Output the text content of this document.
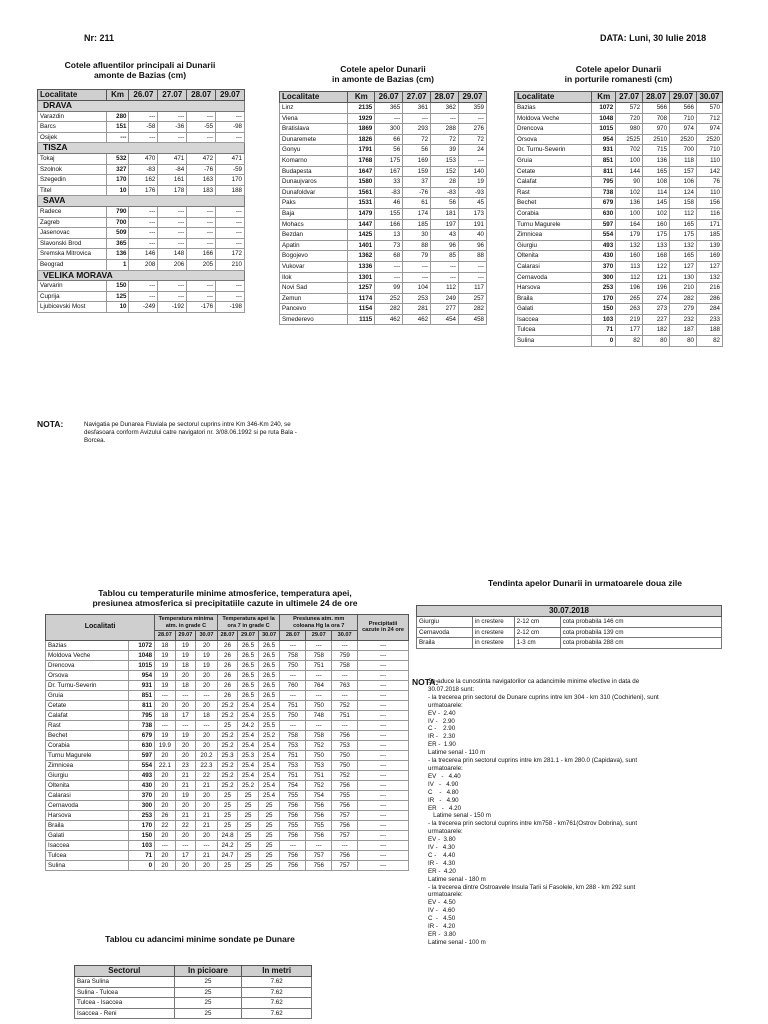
Nr: 211	DATA: Luni, 30 Iulie 2018
Cotele afluentilor principali ai Dunarii
amonte de Bazias (cm)
Cotele apelor Dunarii
in amonte de Bazias (cm)
Cotele apelor Dunarii
in porturile romanesti (cm)
Localitate	Km	26.07	27.07	28.07	29.07
DRAVA					
Varazdin	280	---	---	---	---
Barcs	151	-58	-36	-55	-98
Osijek	---	---	---	---	---
TISZA					
Tokaj	532	470	471	472	471
Szolnok	327	-83	-84	-76	-59
Szegedin	170	162	161	163	170
Titel	10	176	178	183	188
SAVA					
Radece	790	---	---	---	---
Zagreb	700	---	---	---	---
Jasenovac	509	---	---	---	---
Slavonski Brod	365	---	---	---	---
Sremska Mitrovica	136	146	148	166	172
Beograd	1	208	206	205	210
VELIKA MORAVA					
Varvarin	150	---	---	---	---
Cuprija	125	---	---	---	---
Ljubicevski Most	10	-249	-192	-176	-198
Localitate	Km	26.07	27.07	28.07	29.07
Linz	2135	365	361	362	359
Viena	1929	---	---	---	---
Bratislava	1869	300	293	288	276
Dunaremete	1826	66	72	72	72
Gonyu	1791	56	56	39	24
Komarno	1768	175	169	153	---
Budapesta	1647	167	159	152	140
Dunaujvaros	1580	33	37	28	19
Dunafoldvar	1561	-83	-76	-83	-93
Paks	1531	46	61	56	45
Baja	1479	155	174	181	173
Mohacs	1447	166	185	197	191
Bezdan	1425	13	30	43	40
Apatin	1401	73	88	96	96
Bogojevo	1362	68	79	85	88
Vukovar	1336	---	---	---	---
Ilok	1301	---	---	---	---
Novi Sad	1257	99	104	112	117
Zemun	1174	252	253	249	257
Pancevo	1154	282	281	277	282
Smederevo	1115	462	462	454	458
Localitate	Km	27.07	28.07	29.07	30.07
Bazias	1072	572	566	566	570
Moldova Veche	1048	720	708	710	712
Drencova	1015	980	970	974	974
Orsova	954	2525	2510	2520	2520
Dr. Turnu-Severin	931	702	715	700	710
Gruia	851	100	136	118	110
Cetate	811	144	165	157	142
Calafat	795	90	108	106	76
Rast	738	102	114	124	110
Bechet	679	136	145	158	156
Corabia	630	100	102	112	116
Turnu Magurele	597	164	160	165	171
Zimnicea	554	179	175	175	185
Giurgiu	493	132	133	132	139
Oltenita	430	160	168	165	169
Calarasi	370	113	122	127	127
Cernavoda	300	112	121	130	132
Harsova	253	196	196	210	216
Braila	170	265	274	282	286
Galati	150	263	273	279	284
Isaccea	103	219	227	232	233
Tulcea	71	177	182	187	188
Sulina	0	82	80	80	82
NOTA:	Navigatia pe Dunarea Fluviala pe sectorul cuprins intre Km 346-Km 240, se
desfasoara conform Avizului catre navigatori nr. 3/08.06.1992 si pe ruta Bala -
Borcea.
Tablou cu temperaturile minime atmosferice, temperatura apei,
presiunea atmosferica si precipitatiile cazute in ultimele 24 de ore
Localitati		Temperatura minima atm. in grade C			Temperatura apei la ora 7 in grade C			Presiunea atm. mm coloana Hg la ora 7			Precipitatii cazute in 24 ore
		28.07	29.07	30.07	28.07	29.07	30.07	28.07	29.07	30.07	
Bazias	1072	18	19	20	26	26.5	26.5	---	---	---	---
Moldova Veche	1048	19	19	19	26	26.5	26.5	758	758	759	---
Drencova	1015	19	18	19	26	26.5	26.5	750	751	758	---
Orsova	954	19	20	20	26	26.5	26.5	---	---	---	---
Dr. Turnu-Severin	931	19	18	20	26	26.5	26.5	760	764	763	---
Gruia	851	---	---	---	26	26.5	26.5	---	---	---	---
Cetate	811	20	20	20	25.2	25.4	25.4	751	750	752	---
Calafat	795	18	17	18	25.2	25.4	25.5	750	748	751	---
Rast	738	---	---	---	25	24.2	25.5	---	---	---	---
Bechet	679	19	19	20	25.2	25.4	25.2	758	758	756	---
Corabia	630	19.9	20	20	25.2	25.4	25.4	753	752	753	---
Turnu Magurele	597	20	20	20.2	25.3	25.3	25.4	751	750	750	---
Zimnicea	554	22.1	23	22.3	25.2	25.4	25.4	753	753	750	---
Giurgiu	493	20	21	22	25.2	25.4	25.4	751	751	752	---
Oltenita	430	20	21	21	25.2	25.2	25.4	754	752	756	---
Calarasi	370	20	19	20	25	25	25.4	755	754	755	---
Cernavoda	300	20	20	20	25	25	25	756	756	756	---
Harsova	253	26	21	21	25	25	25	756	756	757	---
Braila	170	22	22	21	25	25	25	755	755	756	---
Galati	150	20	20	20	24.8	25	25	756	756	757	---
Isaccea	103	---	---	---	24.2	25	25	---	---	---	---
Tulcea	71	20	17	21	24.7	25	25	756	757	756	---
Sulina	0	20	20	20	25	25	25	756	756	757	---
Tendinta apelor Dunarii in urmatoarele doua zile
30.07.2018			
Giurgiu	in crestere	2-12 cm	cota probabila 146 cm
Cernavoda	in crestere	2-12 cm	cota probabila 139 cm
Braila	in crestere	1-3 cm	cota probabila 288 cm
NOTA:
Se aduce la cunostinta navigatorilor ca adancimile minime efective in data de
30.07.2018 sunt:
- la trecerea prin sectorul de Dunare cuprins intre km 304 - km 310 (Cochirleni), sunt
urmatoarele:
EV -  2.40
IV -   2.90
C -    2.90
IR -   2.30
ER -  1.90
Latime senal - 110 m
- la trecerea prin sectorul cuprins intre km 281.1 - km 280.0 (Capidava), sunt
urmatoarele:
EV   -   4.40
IV   -   4.90
C    -   4.80
IR   -   4.90
ER   -   4.20
Latime senal - 150 m
- la trecerea prin sectorul cuprins intre km758 - km761(Ostrov Dobrina), sunt
urmatoarele:
EV -  3.80
IV -   4.30
C -    4.40
IR -   4.30
ER -  4.20
Latime senal - 180 m
- la trecerea dintre Ostroavele Insula Tarii si Fasolele, km 288 - km 292 sunt
urmatoarele:
EV -  4.50
IV -   4.60
C  -   4.50
IR -   4.20
ER -  3.80
Latime senal - 100 m
Tablou cu adancimi minime sondate pe Dunare
Sectorul	In picioare	In metri
Bara Sulina	25	7.62
Sulina - Tulcea	25	7.62
Tulcea - Isaccea	25	7.62
Isaccea - Reni	25	7.62
